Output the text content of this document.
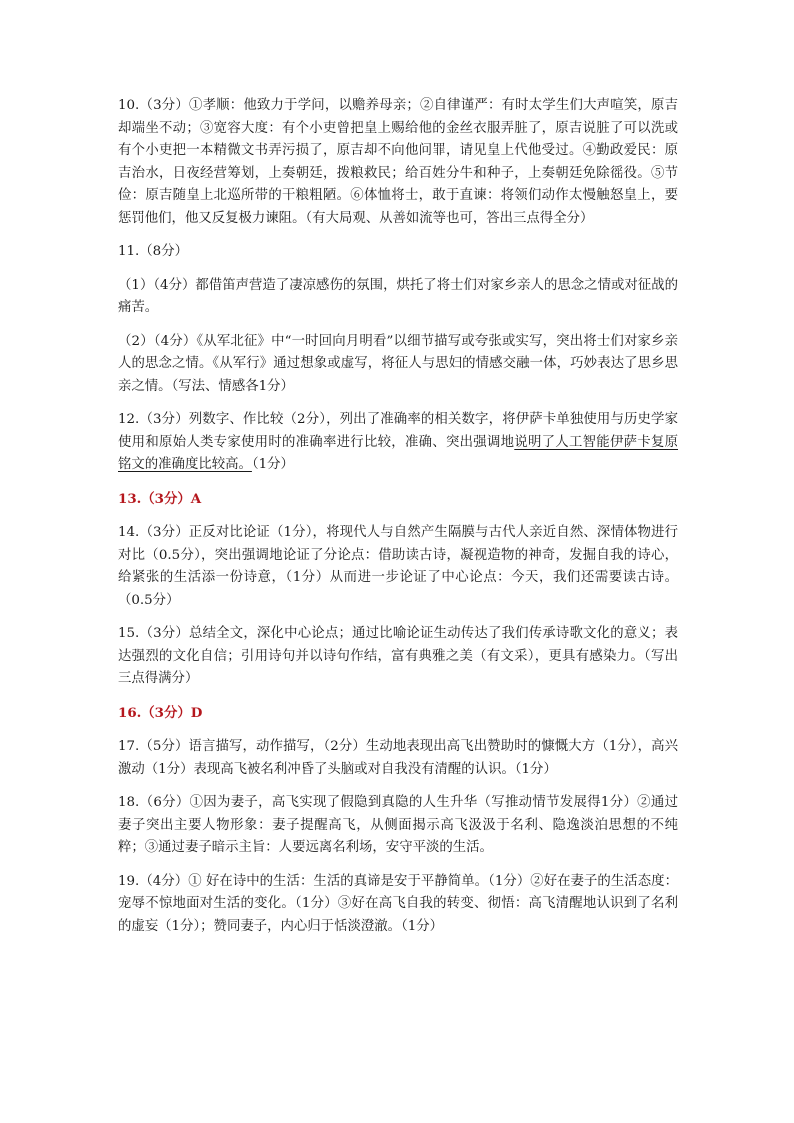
10.（3分）①孝顺：他致力于学问，以赡养母亲；②自律谨严：有时太学生们大声喧笑，原吉却端坐不动；③宽容大度：有个小吏曾把皇上赐给他的金丝衣服弄脏了，原吉说脏了可以洗或有个小吏把一本精微文书弄污损了，原吉却不向他问罪，请见皇上代他受过。④勤政爱民：原吉治水，日夜经营筹划，上奏朝廷，拨粮救民；给百姓分牛和种子，上奏朝廷免除徭役。⑤节俭：原吉随皇上北巡所带的干粮粗陋。⑥体恤将士，敢于直谏：将领们动作太慢触怒皇上，要惩罚他们，他又反复极力谏阻。（有大局观、从善如流等也可，答出三点得全分）

11.（8分）

（1）（4分）都借笛声营造了凄凉感伤的氛围，烘托了将士们对家乡亲人的思念之情或对征战的痛苦。

（2）（4分）《从军北征》中“一时回向月明看”以细节描写或夸张或实写，突出将士们对家乡亲人的思念之情。《从军行》通过想象或虚写，将征人与思妇的情感交融一体，巧妙表达了思乡思亲之情。（写法、情感各1分）

12.（3分）列数字、作比较（2分），列出了准确率的相关数字，将伊萨卡单独使用与历史学家使用和原始人类专家使用时的准确率进行比较，准确、突出强调地说明了人工智能伊萨卡复原铭文的准确度比较高。（1分）

13.（3分）A

14.（3分）正反对比论证（1分），将现代人与自然产生隔膜与古代人亲近自然、深情体物进行对比（0.5分），突出强调地论证了分论点：借助读古诗，凝视造物的神奇，发掘自我的诗心，给紧张的生活添一份诗意，（1分）从而进一步论证了中心论点：今天，我们还需要读古诗。（0.5分）

15.（3分）总结全文，深化中心论点；通过比喻论证生动传达了我们传承诗歌文化的意义；表达强烈的文化自信；引用诗句并以诗句作结，富有典雅之美（有文采），更具有感染力。（写出三点得满分）

16.（3分）D

17.（5分）语言描写，动作描写，（2分）生动地表现出高飞出赞助时的慷慨大方（1分），高兴激动（1分）表现高飞被名利冲昏了头脑或对自我没有清醒的认识。（1分）

18.（6分）①因为妻子，高飞实现了假隐到真隐的人生升华（写推动情节发展得1分）②通过妻子突出主要人物形象：妻子提醒高飞，从侧面揭示高飞汲汲于名利、隐逸淡泊思想的不纯粹；③通过妻子暗示主旨：人要远离名利场，安守平淡的生活。

19.（4分）① 好在诗中的生活：生活的真谛是安于平静简单。（1分）②好在妻子的生活态度：宠辱不惊地面对生活的变化。（1分）③好在高飞自我的转变、彻悟：高飞清醒地认识到了名利的虚妄（1分）；赞同妻子，内心归于恬淡澄澈。（1分）
